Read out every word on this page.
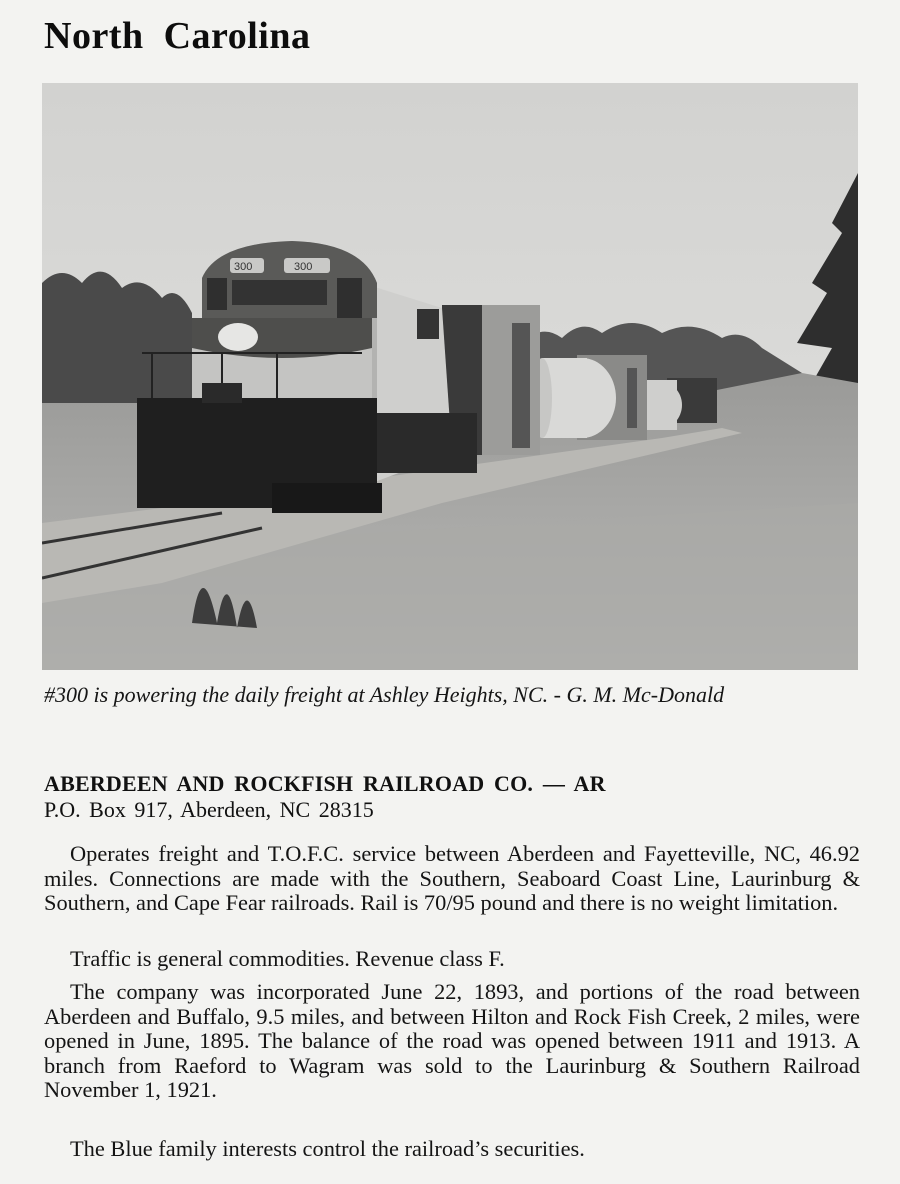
North Carolina
300	300

#300 is powering the daily freight at Ashley Heights, NC. - G. M. Mc-Donald

ABERDEEN AND ROCKFISH RAILROAD CO. — AR

P.O. Box 917, Aberdeen, NC 28315

Operates freight and T.O.F.C. service between Aberdeen and Fayetteville, NC, 46.92 miles. Connections are made with the Southern, Seaboard Coast Line, Laurinburg & Southern, and Cape Fear railroads. Rail is 70/95 pound and there is no weight limitation.

Traffic is general commodities. Revenue class F.

The company was incorporated June 22, 1893, and portions of the road between Aberdeen and Buffalo, 9.5 miles, and between Hilton and Rock Fish Creek, 2 miles, were opened in June, 1895. The balance of the road was opened between 1911 and 1913. A branch from Raeford to Wagram was sold to the Laurinburg & Southern Railroad November 1, 1921.

The Blue family interests control the railroad’s securities.
